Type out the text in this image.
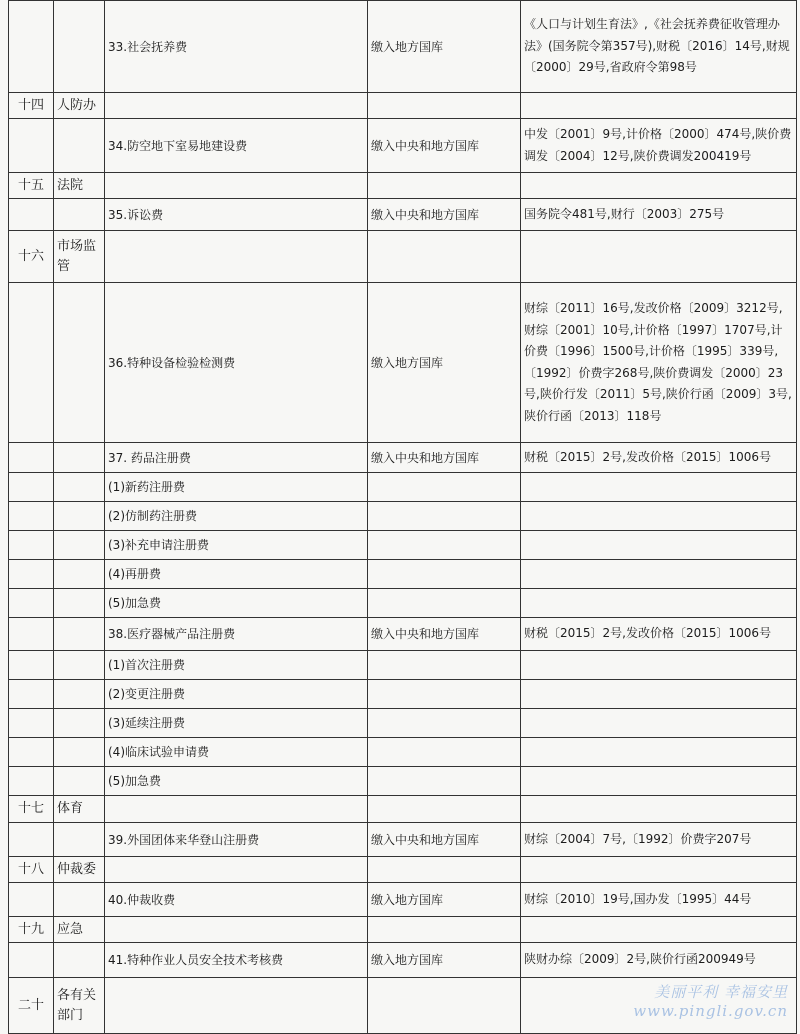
		33.社会抚养费	缴入地方国库	《人口与计划生育法》,《社会抚养费征收管理办法》(国务院令第357号),财税〔2016〕14号,财规〔2000〕29号,省政府令第98号
十四	人防办			
		34.防空地下室易地建设费	缴入中央和地方国库	中发〔2001〕9号,计价格〔2000〕474号,陕价费调发〔2004〕12号,陕价费调发200419号
十五	法院			
		35.诉讼费	缴入中央和地方国库	国务院令481号,财行〔2003〕275号
十六	市场监管			
		36.特种设备检验检测费	缴入地方国库	财综〔2011〕16号,发改价格〔2009〕3212号,财综〔2001〕10号,计价格〔1997〕1707号,计价费〔1996〕1500号,计价格〔1995〕339号,〔1992〕价费字268号,陕价费调发〔2000〕23号,陕价行发〔2011〕5号,陕价行函〔2009〕3号,陕价行函〔2013〕118号
		37. 药品注册费	缴入中央和地方国库	财税〔2015〕2号,发改价格〔2015〕1006号
		(1)新药注册费		
		(2)仿制药注册费		
		(3)补充申请注册费		
		(4)再册费		
		(5)加急费		
		38.医疗器械产品注册费	缴入中央和地方国库	财税〔2015〕2号,发改价格〔2015〕1006号
		(1)首次注册费		
		(2)变更注册费		
		(3)延续注册费		
		(4)临床试验申请费		
		(5)加急费		
十七	体育			
		39.外国团体来华登山注册费	缴入中央和地方国库	财综〔2004〕7号,〔1992〕价费字207号
十八	仲裁委			
		40.仲裁收费	缴入地方国库	财综〔2010〕19号,国办发〔1995〕44号
十九	应急			
		41.特种作业人员安全技术考核费	缴入地方国库	陕财办综〔2009〕2号,陕价行函200949号
二十	各有关部门			
美丽平利 幸福安里
www.pingli.gov.cn
